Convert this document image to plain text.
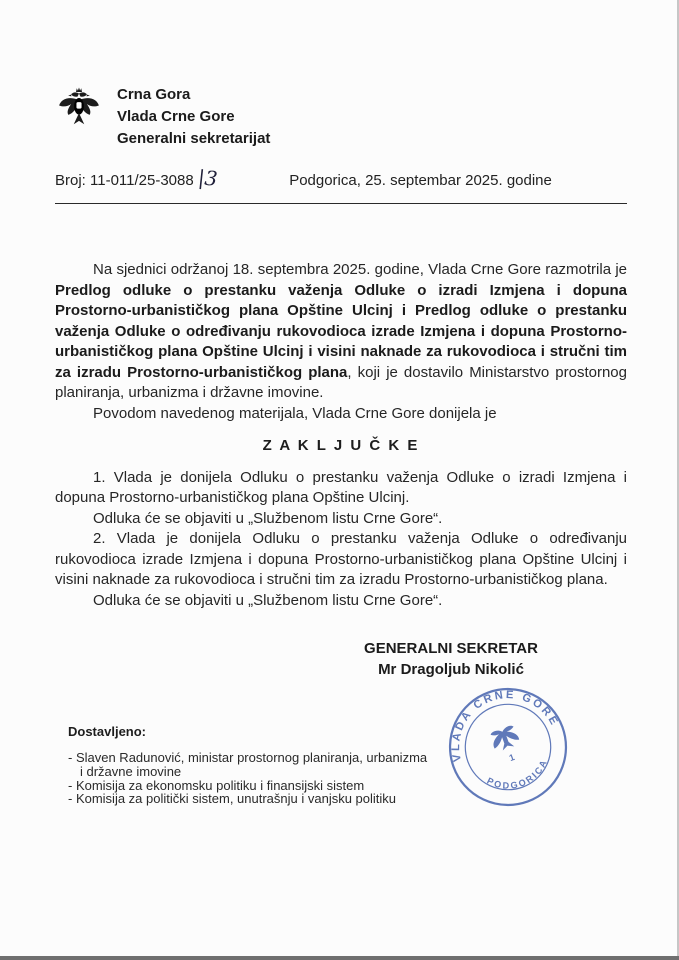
Crna Gora
Vlada Crne Gore
Generalni sekretarijat
Broj: 11-011/25-3088 |3	Podgorica, 25. septembar 2025. godine

Na sjednici održanoj 18. septembra 2025. godine, Vlada Crne Gore razmotrila je Predlog odluke o prestanku važenja Odluke o izradi Izmjena i dopuna Prostorno-urbanističkog plana Opštine Ulcinj i Predlog odluke o prestanku važenja Odluke o određivanju rukovodioca izrade Izmjena i dopuna Prostorno-urbanističkog plana Opštine Ulcinj i visini naknade za rukovodioca i stručni tim za izradu Prostorno-urbanističkog plana, koji je dostavilo Ministarstvo prostornog planiranja, urbanizma i državne imovine.

Povodom navedenog materijala, Vlada Crne Gore donijela je

Z A K L J U Č K E

1. Vlada je donijela Odluku o prestanku važenja Odluke o izradi Izmjena i dopuna Prostorno-urbanističkog plana Opštine Ulcinj.

Odluka će se objaviti u „Službenom listu Crne Gore“.

2. Vlada je donijela Odluku o prestanku važenja Odluke o određivanju rukovodioca izrade Izmjena i dopuna Prostorno-urbanističkog plana Opštine Ulcinj i visini naknade za rukovodioca i stručni tim za izradu Prostorno-urbanističkog plana.

Odluka će se objaviti u „Službenom listu Crne Gore“.

GENERALNI SEKRETAR
Mr Dragoljub Nikolić
VLADA CRNE GORE
PODGORICA
1
Dostavljeno:
- Slaven Radunović, ministar prostornog planiranja, urbanizma i državne imovine
- Komisija za ekonomsku politiku i finansijski sistem
- Komisija za politički sistem, unutrašnju i vanjsku politiku
